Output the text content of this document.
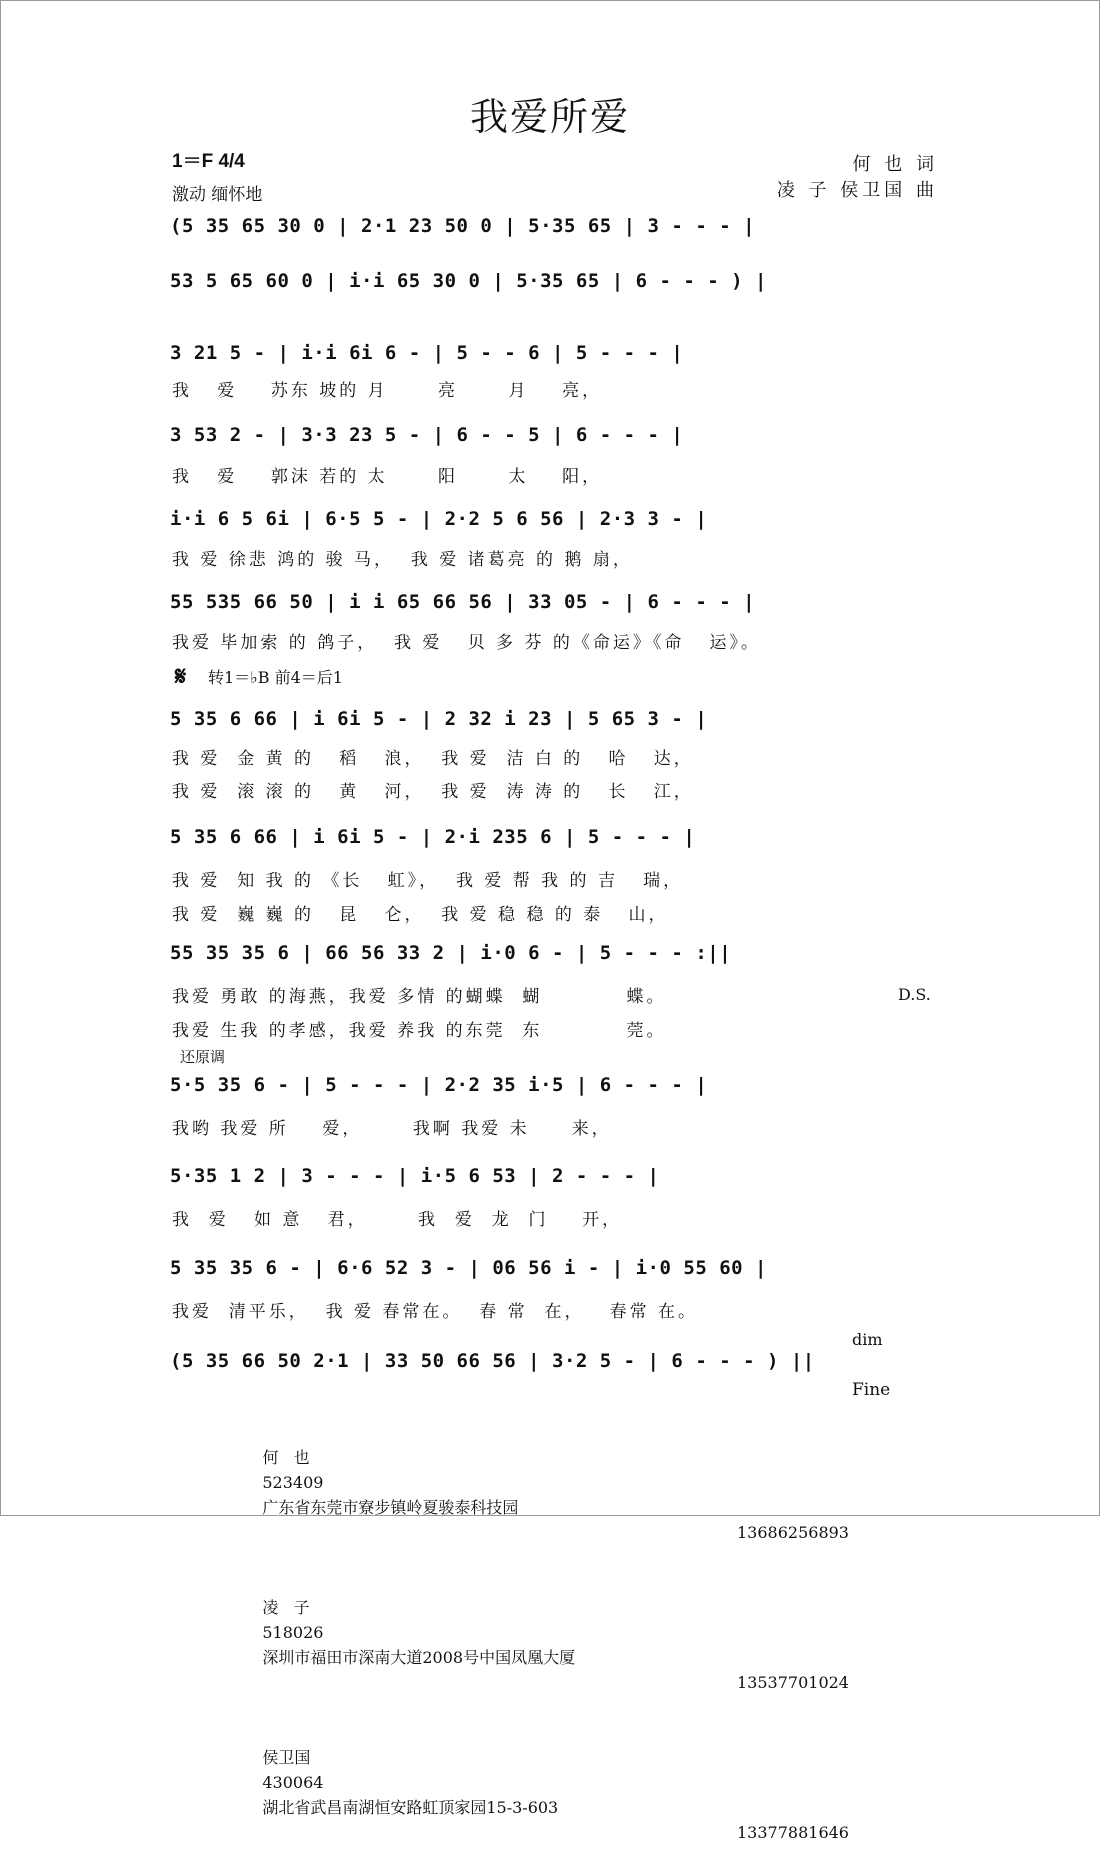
我爱所爱
1＝F 4/4
激动 缅怀地
何 也 词
凌 子 侯卫国 曲
(5 35 65 30 0 | 2·1 23 50 0 | 5·35 65 | 3 - - - |
53 5 65 60 0 | i·i 65 30 0 | 5·35 65 | 6 - - - ) |
3 21 5 - | i·i 6i 6 - | 5 - - 6 | 5 - - - |
我   爱    苏东 坡的 月      亮      月    亮，
3 53 2 - | 3·3 23 5 - | 6 - - 5 | 6 - - - |
我   爱    郭沫 若的 太      阳      太    阳，
i·i 6 5 6i | 6·5 5 - | 2·2 5 6 56 | 2·3 3 - |
我 爱 徐悲 鸿的 骏 马，  我 爱 诸葛亮 的 鹅 扇，
55 535 66 50 | i i 65 66 56 | 33 05 - | 6 - - - |
我爱 毕加索 的 鸽子，  我 爱   贝 多 芬 的《命运》《命   运》。
𝄋 转1＝♭B 前4＝后1
5 35 6 66 | i 6i 5 - | 2 32 i 23 | 5 65 3 - |
我 爱  金 黄 的   稻   浪，  我 爱  洁 白 的   哈   达，
我 爱  滚 滚 的   黄   河，  我 爱  涛 涛 的   长   江，
5 35 6 66 | i 6i 5 - | 2·i 235 6 | 5 - - - |
我 爱  知 我 的 《长   虹》，  我 爱 帮 我 的 吉   瑞，
我 爱  巍 巍 的   昆   仑，  我 爱 稳 稳 的 泰   山，
55 35 35 6 | 66 56 33 2 | i·0 6 - | 5 - - - :||
我爱 勇敢 的海燕，我爱 多情 的蝴蝶  蝴          蝶。
我爱 生我 的孝感，我爱 养我 的东莞  东          莞。
D.S.
还原调
5·5 35 6 - | 5 - - - | 2·2 35 i·5 | 6 - - - |
我哟 我爱 所    爱，      我啊 我爱 未     来，
5·35 1 2 | 3 - - - | i·5 6 53 | 2 - - - |
我  爱   如 意   君，      我  爱  龙  门    开，
5 35 35 6 - | 6·6 52 3 - | 06 56 i - | i·0 55 60 |
我爱  清平乐，  我 爱 春常在。  春 常  在，   春常 在。
dim
(5 35 66 50 2·1 | 33 50 66 56 | 3·2 5 - | 6 - - - ) ||
Fine

何   也
523409
广东省东莞市寮步镇岭夏骏泰科技园

13686256893

凌   子
518026
深圳市福田市深南大道2008号中国凤凰大厦

13537701024

侯卫国
430064
湖北省武昌南湖恒安路虹顶家园15-3-603

13377881646
